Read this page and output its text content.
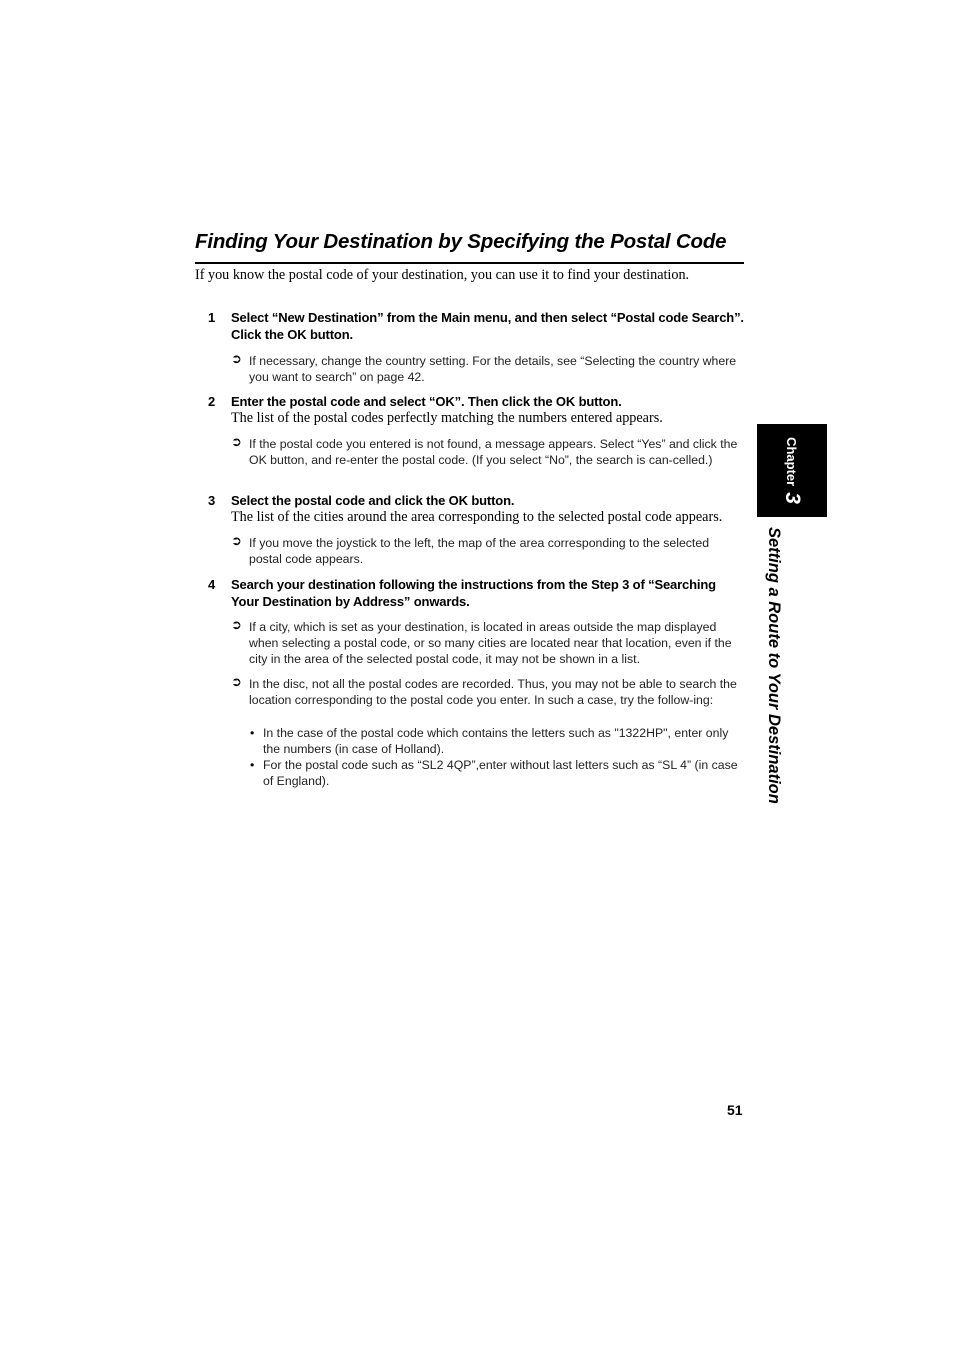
Finding Your Destination by Specifying the Postal Code
If you know the postal code of your destination, you can use it to find your destination.
1 Select “New Destination” from the Main menu, and then select “Postal code Search”. Click the OK button.
➲ If necessary, change the country setting. For the details, see “Selecting the country where you want to search” on page 42.
2 Enter the postal code and select “OK”. Then click the OK button.
The list of the postal codes perfectly matching the numbers entered appears.
➲ If the postal code you entered is not found, a message appears. Select “Yes” and click the OK button, and re-enter the postal code. (If you select “No”, the search is can-celled.)
3 Select the postal code and click the OK button.
The list of the cities around the area corresponding to the selected postal code appears.
➲ If you move the joystick to the left, the map of the area corresponding to the selected postal code appears.
4 Search your destination following the instructions from the Step 3 of “Searching Your Destination by Address” onwards.
➲ If a city, which is set as your destination, is located in areas outside the map displayed when selecting a postal code, or so many cities are located near that location, even if the city in the area of the selected postal code, it may not be shown in a list.
➲ In the disc, not all the postal codes are recorded. Thus, you may not be able to search the location corresponding to the postal code you enter. In such a case, try the follow-ing:
• In the case of the postal code which contains the letters such as "1322HP", enter only the numbers (in case of Holland).
• For the postal code such as “SL2 4QP”,enter without last letters such as “SL 4” (in case of England).
Chapter
3
Setting a Route to Your Destination
51
